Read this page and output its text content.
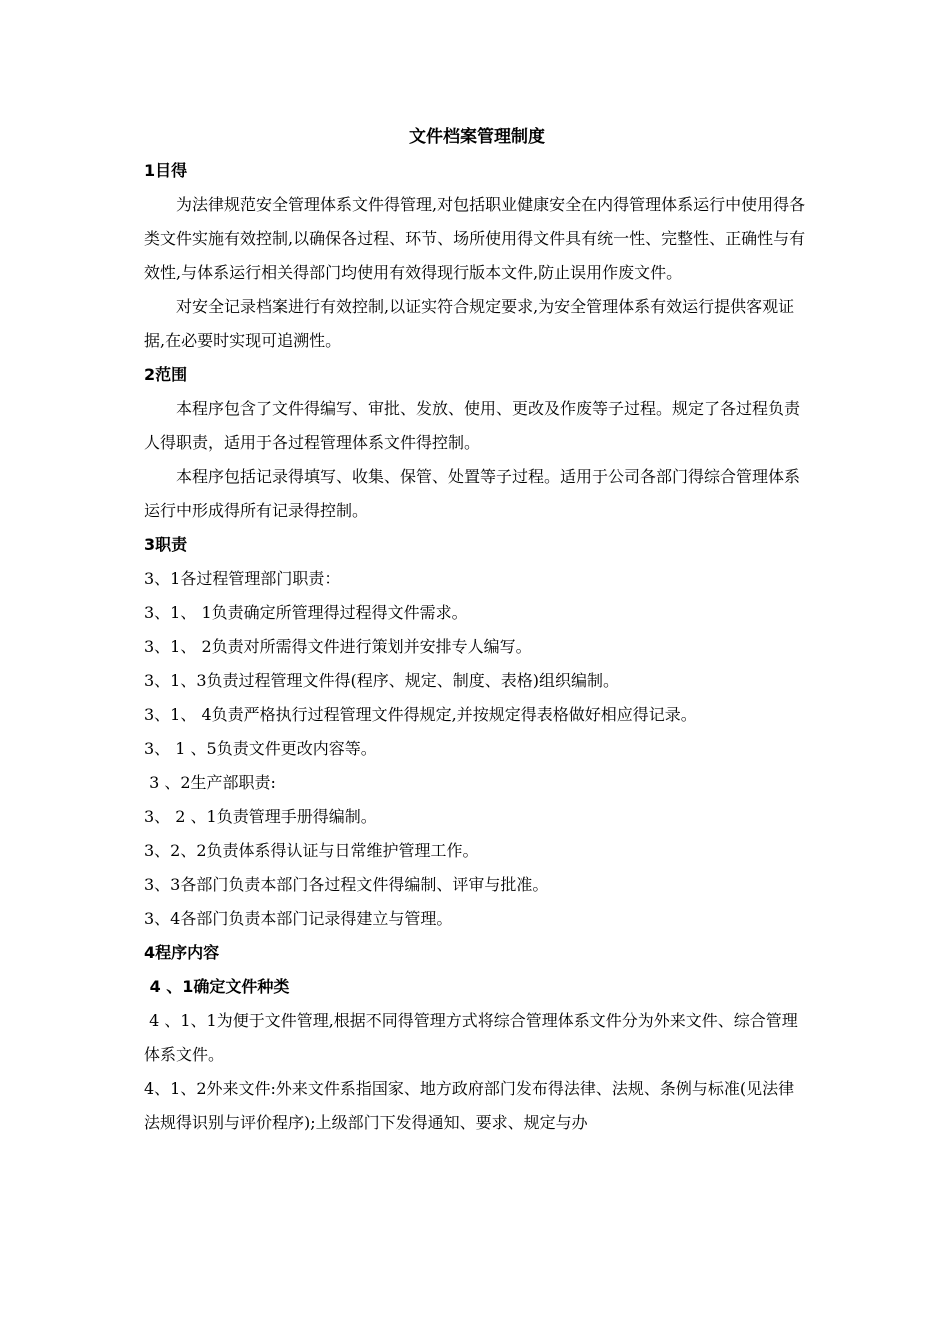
文件档案管理制度

1目得

为法律规范安全管理体系文件得管理,对包括职业健康安全在内得管理体系运行中使用得各类文件实施有效控制,以确保各过程、环节、场所使用得文件具有统一性、完整性、正确性与有效性,与体系运行相关得部门均使用有效得现行版本文件,防止误用作废文件。

对安全记录档案进行有效控制,以证实符合规定要求,为安全管理体系有效运行提供客观证据,在必要时实现可追溯性。

2范围

本程序包含了文件得编写、审批、发放、使用、更改及作废等子过程。规定了各过程负责人得职责，适用于各过程管理体系文件得控制。

本程序包括记录得填写、收集、保管、处置等子过程。适用于公司各部门得综合管理体系运行中形成得所有记录得控制。

3职责

3、1各过程管理部门职责：

3、1、 1负责确定所管理得过程得文件需求。

3、1、 2负责对所需得文件进行策划并安排专人编写。

3、1、3负责过程管理文件得(程序、规定、制度、表格)组织编制。

3、1、 4负责严格执行过程管理文件得规定,并按规定得表格做好相应得记录。

3、 1 、5负责文件更改内容等。

3 、2生产部职责:

3、 2 、1负责管理手册得编制。

3、2、2负责体系得认证与日常维护管理工作。

3、3各部门负责本部门各过程文件得编制、评审与批准。

3、4各部门负责本部门记录得建立与管理。

4程序内容

4 、1确定文件种类

4 、1、1为便于文件管理,根据不同得管理方式将综合管理体系文件分为外来文件、综合管理体系文件。

4、1、2外来文件:外来文件系指国家、地方政府部门发布得法律、法规、条例与标准(见法律法规得识别与评价程序);上级部门下发得通知、要求、规定与办
